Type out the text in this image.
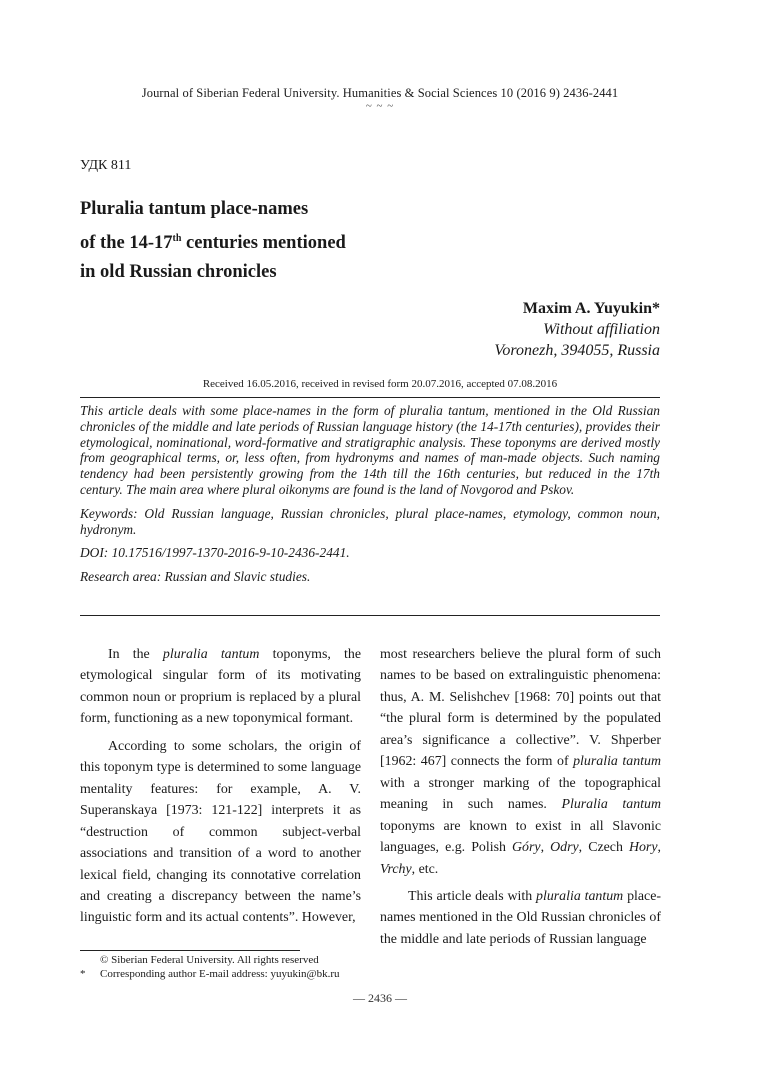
Journal of Siberian Federal University. Humanities & Social Sciences 10 (2016 9) 2436-2441
~ ~ ~
УДК 811
Pluralia tantum place-names
of the 14-17th centuries mentioned
in old Russian chronicles
Maxim A. Yuyukin*
Without affiliation
Voronezh, 394055, Russia
Received 16.05.2016, received in revised form 20.07.2016, accepted 07.08.2016

This article deals with some place-names in the form of pluralia tantum, mentioned in the Old Russian chronicles of the middle and late periods of Russian language history (the 14-17th centuries), provides their etymological, nominational, word-formative and stratigraphic analysis. These toponyms are derived mostly from geographical terms, or, less often, from hydronyms and names of man-made objects. Such naming tendency had been persistently growing from the 14th till the 16th centuries, but reduced in the 17th century. The main area where plural oikonyms are found is the land of Novgorod and Pskov.

Keywords: Old Russian language, Russian chronicles, plural place-names, etymology, common noun, hydronym.

DOI: 10.17516/1997-1370-2016-9-10-2436-2441.

Research area: Russian and Slavic studies.

In the pluralia tantum toponyms, the etymological singular form of its motivating common noun or proprium is replaced by a plural form, functioning as a new toponymical formant.

According to some scholars, the origin of this toponym type is determined to some language mentality features: for example, A. V. Superanskaya [1973: 121-122] interprets it as “destruction of common subject-verbal associations and transition of a word to another lexical field, changing its connotative correlation and creating a discrepancy between the name’s linguistic form and its actual contents”. However,

most researchers believe the plural form of such names to be based on extralinguistic phenomena: thus, A. M. Selishchev [1968: 70] points out that “the plural form is determined by the populated area’s significance a collective”. V. Shperber [1962: 467] connects the form of pluralia tantum with a stronger marking of the topographical meaning in such names. Pluralia tantum toponyms are known to exist in all Slavonic languages, e.g. Polish Góry, Odry, Czech Hory, Vrchy, etc.

This article deals with pluralia tantum place-names mentioned in the Old Russian chronicles of the middle and late periods of Russian language

© Siberian Federal University. All rights reserved
* Corresponding author E-mail address: yuyukin@bk.ru
— 2436 —
